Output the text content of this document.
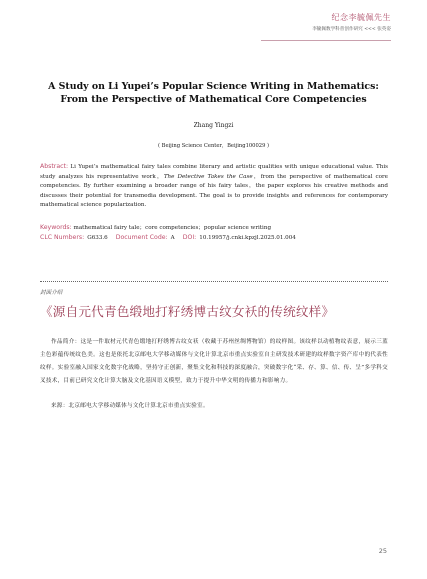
纪念李毓佩先生
李毓佩数学科普创作研究 <<< 张英姿
A Study on Li Yupei’s Popular Science Writing in Mathematics:
From the Perspective of Mathematical Core Competencies
Zhang Yingzi
( Beijing Science Center，Beijing100029 )
Abstract: Li Yupei’s mathematical fairy tales combine literary and artistic qualities with unique educational value. This study analyzes his representative work，The Detective Takes the Case，from the perspective of mathematical core competencies. By further examining a broader range of his fairy tales，the paper explores his creative methods and discusses their potential for transmedia development. The goal is to provide insights and references for contemporary mathematical science popularization.
Keywords: mathematical fairy tale；core competencies；popular science writing
CLC Numbers: G633.6 Document Code: A DOI: 10.19957/j.cnki.kpzjl.2025.01.004
封面介绍
《源自元代青色缎地打籽绣博古纹女袄的传统纹样》

作品简介：这是一件取材元代青色缎地打籽绣博古纹女袄（收藏于苏州丝绸博物馆）的纹样图。该纹样以动植物纹表意，展示三蓝主色彩蕴传统纹色美。这也是依托北京邮电大学移动媒体与文化计算北京市重点实验室自主研发技术研建的纹样数字资产库中的代表性纹样。实验室融入国家文化数字化战略，坚持守正创新，聚集文化和科技的深度融合，突破数字化“采、存、算、信、传、呈”多学科交叉技术，目前已研究文化计算大脑及文化基因语义模型，致力于提升中华文明的传播力和影响力。

来源：北京邮电大学移动媒体与文化计算北京市重点实验室。

25
